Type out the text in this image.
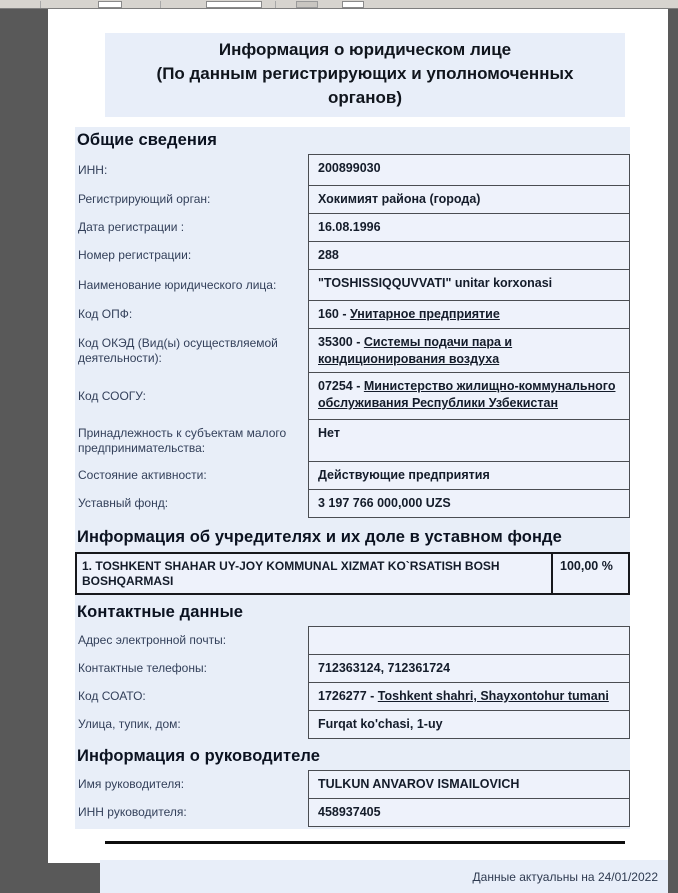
Информация о юридическом лице
(По данным регистрирующих и уполномоченных органов)
Общие сведения
ИНН:	200899030
Регистрирующий орган:	Хокимият района (города)
Дата регистрации :	16.08.1996
Номер регистрации:	288
Наименование юридического лица:	"TOSHISSIQQUVVATI" unitar korxonasi
Код ОПФ:	160 - Унитарное предприятие
Код ОКЭД (Вид(ы) осуществляемой деятельности):
35300 - Системы подачи пара и кондиционирования воздуха
Код СООГУ:
07254 - Министерство жилищно-коммунального обслуживания Республики Узбекистан
Принадлежность к субъектам малого предпринимательства:
Нет
Состояние активности:	Действующие предприятия
Уставный фонд:	3 197 766 000,000 UZS
Информация об учредителях и их доле в уставном фонде
1. TOSHKENT SHAHAR UY-JOY KOMMUNAL XIZMAT KO`RSATISH BOSH BOSHQARMASI
100,00 %
Контактные данные
Адрес электронной почты:
Контактные телефоны:	712363124, 712361724
Код СОАТО:	1726277 - Toshkent shahri, Shayxontohur tumani
Улица, тупик, дом:	Furqat ko'chasi, 1-uy
Информация о руководителе
Имя руководителя:	TULKUN ANVAROV ISMAILOVICH
ИНН руководителя:	458937405
Данные актуальны на 24/01/2022
